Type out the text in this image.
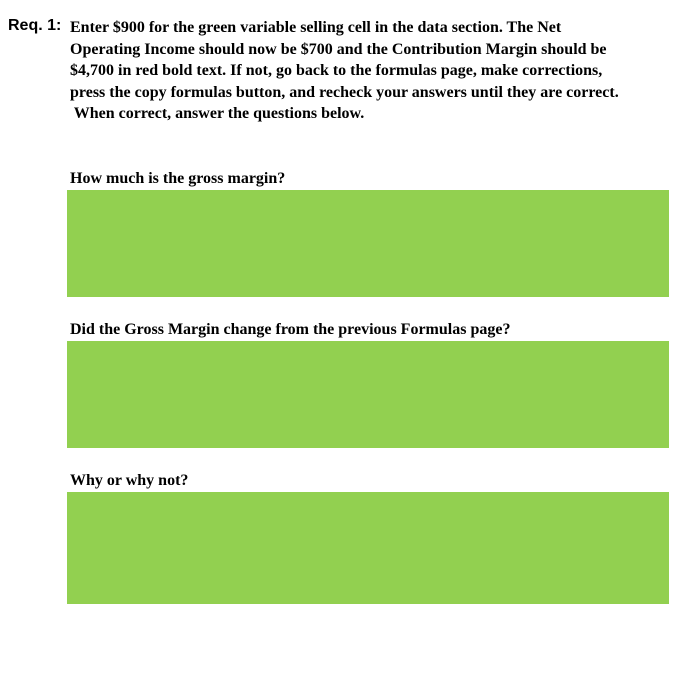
Req. 1: Enter $900 for the green variable selling cell in the data section. The Net
Operating Income should now be $700 and the Contribution Margin should be
$4,700 in red bold text. If not, go back to the formulas page, make corrections,
press the copy formulas button, and recheck your answers until they are correct.
When correct, answer the questions below.
How much is the gross margin?
Did the Gross Margin change from the previous Formulas page?
Why or why not?
